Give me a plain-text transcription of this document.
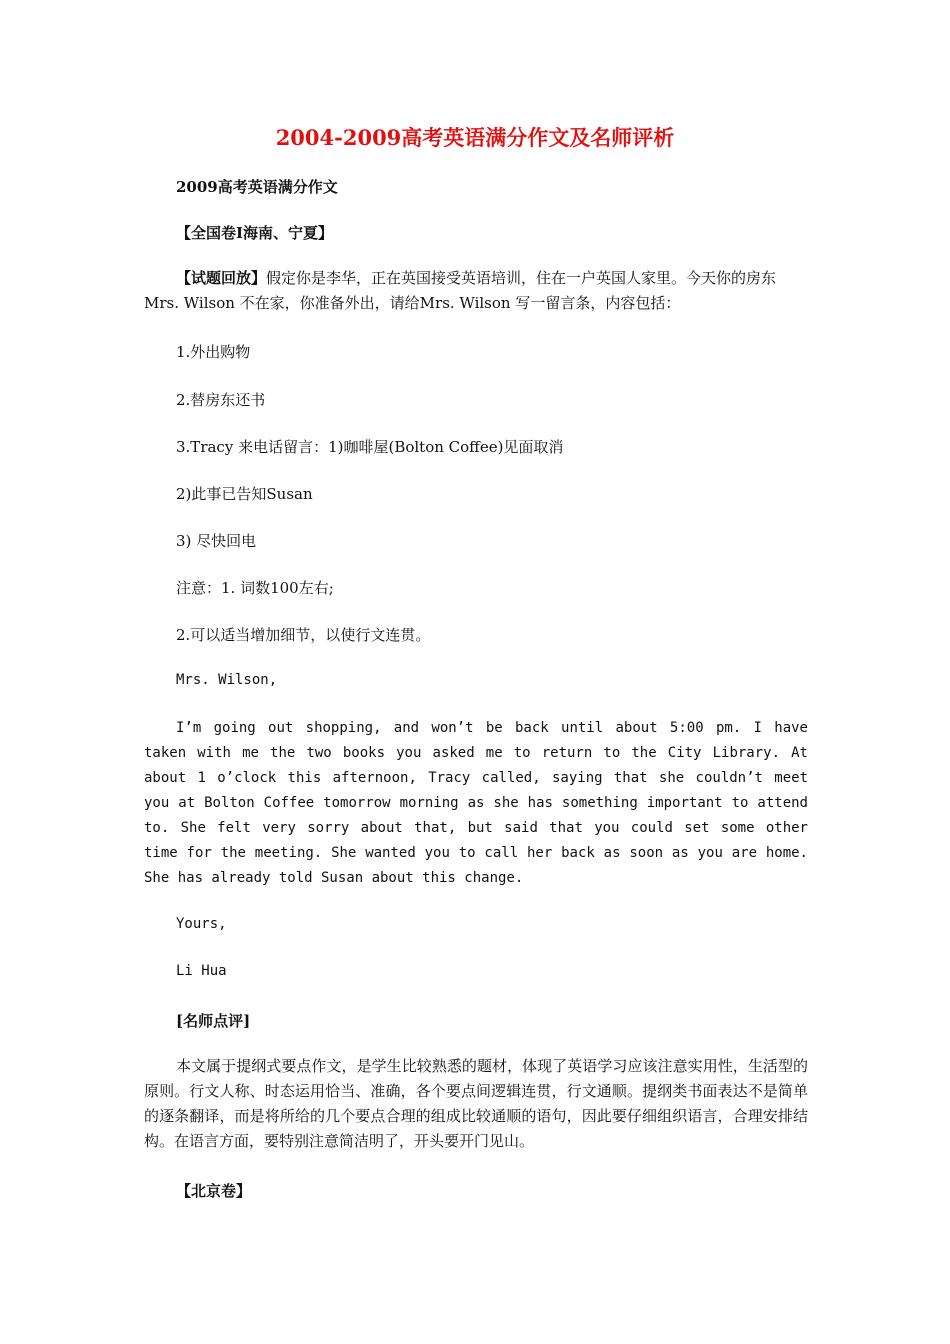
2004-2009高考英语满分作文及名师评析
2009高考英语满分作文
【全国卷Ⅰ海南、宁夏】

【试题回放】假定你是李华，正在英国接受英语培训，住在一户英国人家里。今天你的房东Mrs. Wilson 不在家，你准备外出，请给Mrs. Wilson 写一留言条，内容包括：

1.外出购物
2.替房东还书
3.Tracy 来电话留言：1)咖啡屋(Bolton Coffee)见面取消
2)此事已告知Susan
3) 尽快回电
注意：1. 词数100左右;
2.可以适当增加细节，以使行文连贯。
Mrs. Wilson,

I’m going out shopping, and won’t be back until about 5:00 pm. I have taken with me the two books you asked me to return to the City Library. At about 1 o’clock this afternoon, Tracy called, saying that she couldn’t meet you at Bolton Coffee tomorrow morning as she has something important to attend to. She felt very sorry about that, but said that you could set some other time for the meeting. She wanted you to call her back as soon as you are home. She has already told Susan about this change.

Yours,
Li Hua
[名师点评]

本文属于提纲式要点作文，是学生比较熟悉的题材，体现了英语学习应该注意实用性，生活型的原则。行文人称、时态运用恰当、准确，各个要点间逻辑连贯，行文通顺。提纲类书面表达不是简单的逐条翻译，而是将所给的几个要点合理的组成比较通顺的语句，因此要仔细组织语言，合理安排结构。在语言方面，要特别注意简洁明了，开头要开门见山。

【北京卷】
